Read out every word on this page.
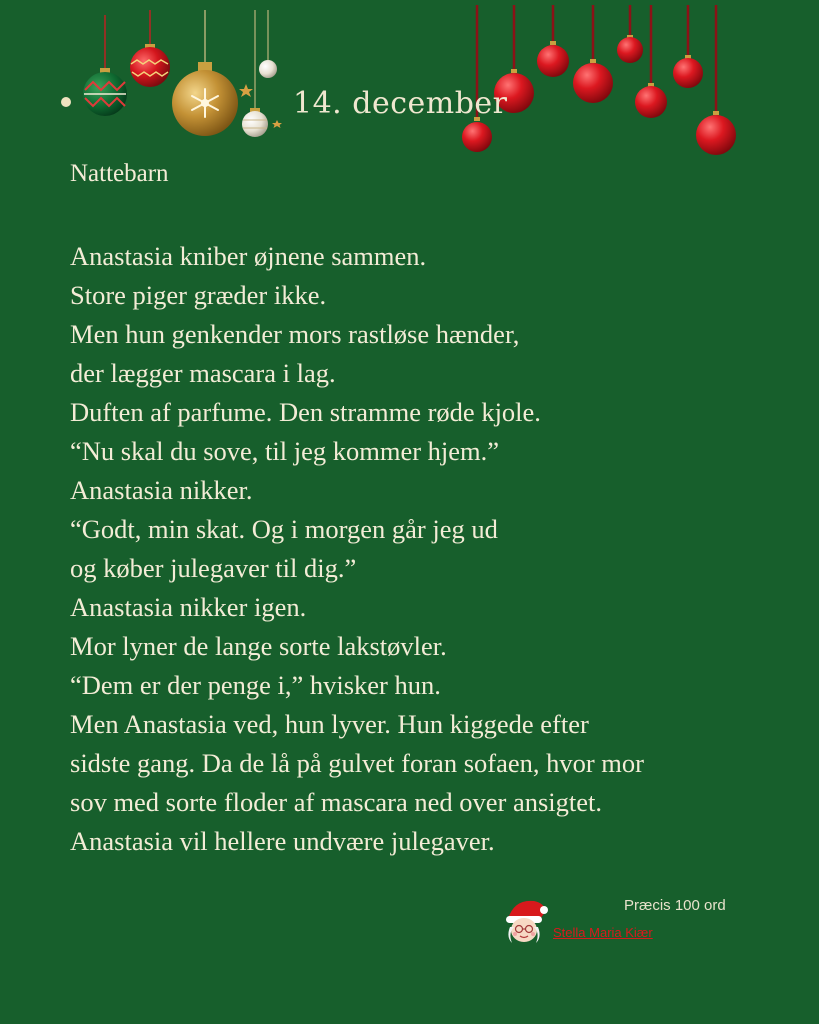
14. december
Nattebarn
Anastasia kniber øjnene sammen.
Store piger græder ikke.
Men hun genkender mors rastløse hænder,
der lægger mascara i lag.
Duften af parfume. Den stramme røde kjole.
“Nu skal du sove, til jeg kommer hjem.”
Anastasia nikker.
“Godt, min skat. Og i morgen går jeg ud
og køber julegaver til dig.”
Anastasia nikker igen.
Mor lyner de lange sorte lakstøvler.
“Dem er der penge i,” hvisker hun.
Men Anastasia ved, hun lyver. Hun kiggede efter
sidste gang. Da de lå på gulvet foran sofaen, hvor mor
sov med sorte floder af mascara ned over ansigtet.
Anastasia vil hellere undvære julegaver.
Præcis 100 ord
Stella Maria Kiær
